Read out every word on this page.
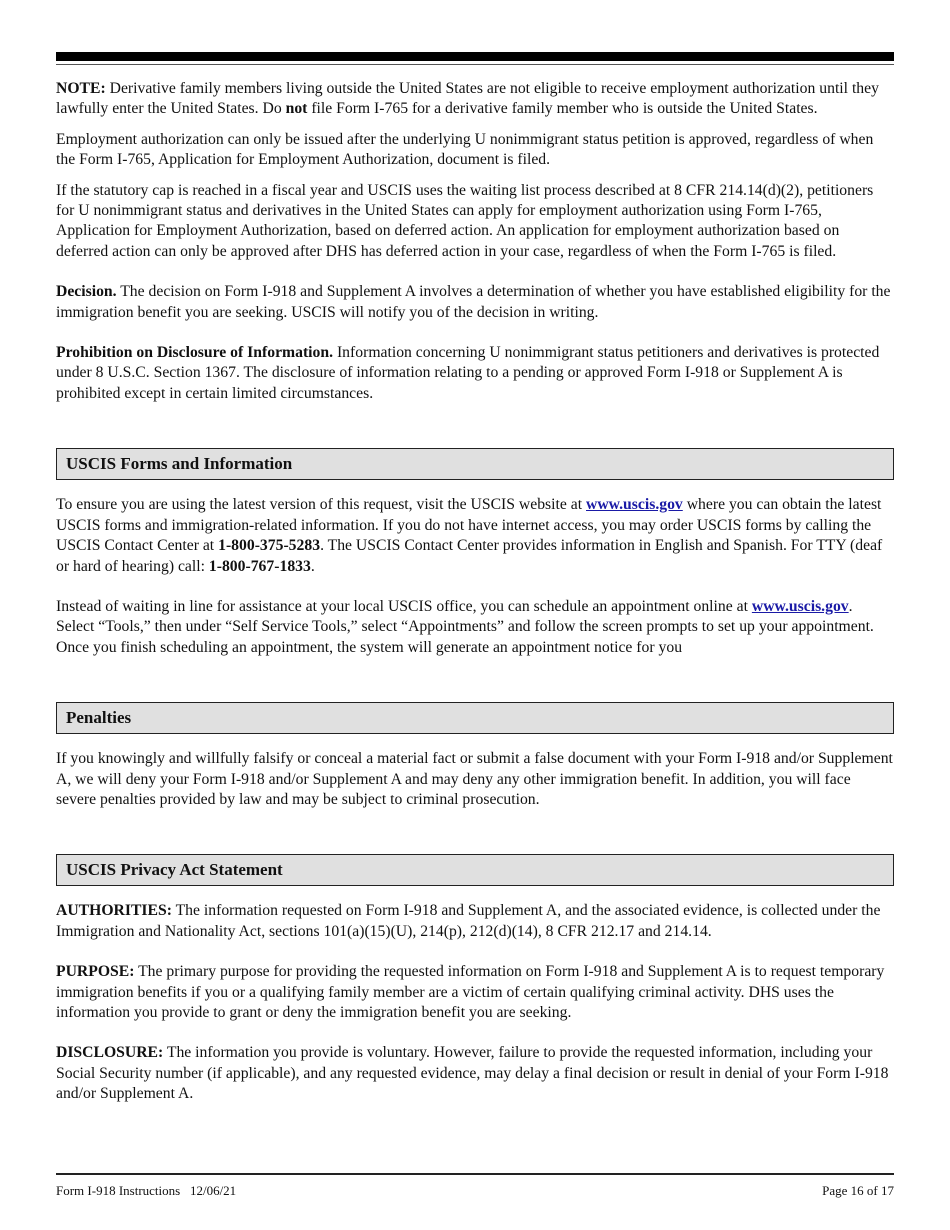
NOTE: Derivative family members living outside the United States are not eligible to receive employment authorization until they lawfully enter the United States. Do not file Form I-765 for a derivative family member who is outside the United States.

Employment authorization can only be issued after the underlying U nonimmigrant status petition is approved, regardless of when the Form I-765, Application for Employment Authorization, document is filed.

If the statutory cap is reached in a fiscal year and USCIS uses the waiting list process described at 8 CFR 214.14(d)(2), petitioners for U nonimmigrant status and derivatives in the United States can apply for employment authorization using Form I-765, Application for Employment Authorization, based on deferred action. An application for employment authorization based on deferred action can only be approved after DHS has deferred action in your case, regardless of when the Form I-765 is filed.

Decision. The decision on Form I-918 and Supplement A involves a determination of whether you have established eligibility for the immigration benefit you are seeking. USCIS will notify you of the decision in writing.

Prohibition on Disclosure of Information. Information concerning U nonimmigrant status petitioners and derivatives is protected under 8 U.S.C. Section 1367. The disclosure of information relating to a pending or approved Form I-918 or Supplement A is prohibited except in certain limited circumstances.

USCIS Forms and Information

To ensure you are using the latest version of this request, visit the USCIS website at www.uscis.gov where you can obtain the latest USCIS forms and immigration-related information. If you do not have internet access, you may order USCIS forms by calling the USCIS Contact Center at 1-800-375-5283. The USCIS Contact Center provides information in English and Spanish. For TTY (deaf or hard of hearing) call: 1-800-767-1833.

Instead of waiting in line for assistance at your local USCIS office, you can schedule an appointment online at www.uscis.gov. Select “Tools,” then under “Self Service Tools,” select “Appointments” and follow the screen prompts to set up your appointment. Once you finish scheduling an appointment, the system will generate an appointment notice for you

Penalties

If you knowingly and willfully falsify or conceal a material fact or submit a false document with your Form I-918 and/or Supplement A, we will deny your Form I-918 and/or Supplement A and may deny any other immigration benefit. In addition, you will face severe penalties provided by law and may be subject to criminal prosecution.

USCIS Privacy Act Statement

AUTHORITIES: The information requested on Form I-918 and Supplement A, and the associated evidence, is collected under the Immigration and Nationality Act, sections 101(a)(15)(U), 214(p), 212(d)(14), 8 CFR 212.17 and 214.14.

PURPOSE: The primary purpose for providing the requested information on Form I-918 and Supplement A is to request temporary immigration benefits if you or a qualifying family member are a victim of certain qualifying criminal activity. DHS uses the information you provide to grant or deny the immigration benefit you are seeking.

DISCLOSURE: The information you provide is voluntary. However, failure to provide the requested information, including your Social Security number (if applicable), and any requested evidence, may delay a final decision or result in denial of your Form I-918 and/or Supplement A.

Form I-918 Instructions   12/06/21	Page 16 of 17
